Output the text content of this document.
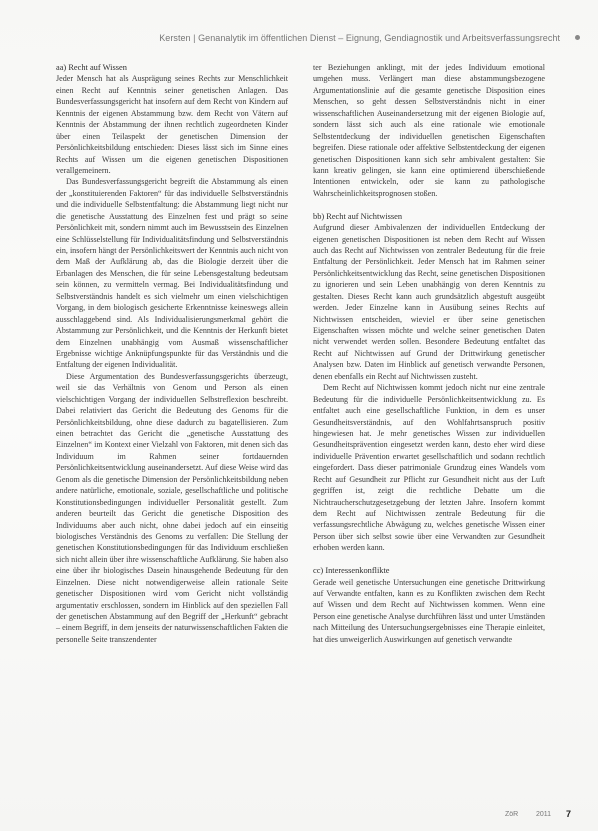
Kersten | Genanalytik im öffentlichen Dienst – Eignung, Gendiagnostik und Arbeitsverfassungsrecht
aa) Recht auf Wissen

Jeder Mensch hat als Ausprägung seines Rechts zur Menschlichkeit einen Recht auf Kenntnis seiner genetischen Anlagen. Das Bundesverfassungsgericht hat insofern auf dem Recht von Kindern auf Kenntnis der eigenen Abstammung bzw. dem Recht von Vätern auf Kenntnis der Abstammung der ihnen rechtlich zugeordneten Kinder über einen Teilaspekt der genetischen Dimension der Persönlichkeitsbildung entschieden: Dieses lässt sich im Sinne eines Rechts auf Wissen um die eigenen genetischen Dispositionen verallgemeinern.

Das Bundesverfassungsgericht begreift die Abstammung als einen der „konstituierenden Faktoren“ für das individuelle Selbstverständnis und die individuelle Selbstentfaltung: die Abstammung liegt nicht nur die genetische Ausstattung des Einzelnen fest und prägt so seine Persönlichkeit mit, sondern nimmt auch im Bewusstsein des Einzelnen eine Schlüsselstellung für Individualitätsfindung und Selbstverständnis ein, insofern hängt der Persönlichkeitswert der Kenntnis auch nicht von dem Maß der Aufklärung ab, das die Biologie derzeit über die Erbanlagen des Menschen, die für seine Lebensgestaltung bedeutsam sein können, zu vermitteln vermag. Bei Individualitätsfindung und Selbstverständnis handelt es sich vielmehr um einen vielschichtigen Vorgang, in dem biologisch gesicherte Erkenntnisse keineswegs allein ausschlaggebend sind. Als Individualisierungsmerkmal gehört die Abstammung zur Persönlichkeit, und die Kenntnis der Herkunft bietet dem Einzelnen unabhängig vom Ausmaß wissenschaftlicher Ergebnisse wichtige Anknüpfungspunkte für das Verständnis und die Entfaltung der eigenen Individualität.

Diese Argumentation des Bundesverfassungsgerichts überzeugt, weil sie das Verhältnis von Genom und Person als einen vielschichtigen Vorgang der individuellen Selbstreflexion beschreibt. Dabei relativiert das Gericht die Bedeutung des Genoms für die Persönlichkeitsbildung, ohne diese dadurch zu bagatellisieren. Zum einen betrachtet das Gericht die „genetische Ausstattung des Einzelnen“ im Kontext einer Vielzahl von Faktoren, mit denen sich das Individuum im Rahmen seiner fortdauernden Persönlichkeitsentwicklung auseinandersetzt. Auf diese Weise wird das Genom als die genetische Dimension der Persönlichkeitsbildung neben andere natürliche, emotionale, soziale, gesellschaftliche und politische Konstitutionsbedingungen individueller Personalität gestellt. Zum anderen beurteilt das Gericht die genetische Disposition des Individuums aber auch nicht, ohne dabei jedoch auf ein einseitig biologisches Verständnis des Genoms zu verfallen: Die Stellung der genetischen Konstitutionsbedingungen für das Individuum erschließen sich nicht allein über ihre wissenschaftliche Aufklärung. Sie haben also eine über ihr biologisches Dasein hinausgehende Bedeutung für den Einzelnen. Diese nicht notwendigerweise allein rationale Seite genetischer Dispositionen wird vom Gericht nicht vollständig argumentativ erschlossen, sondern im Hinblick auf den speziellen Fall der genetischen Abstammung auf den Begriff der „Herkunft“ gebracht – einem Begriff, in dem jenseits der naturwissenschaftlichen Fakten die personelle Seite transzendenter

ter Beziehungen anklingt, mit der jedes Individuum emotional umgehen muss. Verlängert man diese abstammungsbezogene Argumentationslinie auf die gesamte genetische Disposition eines Menschen, so geht dessen Selbstverständnis nicht in einer wissenschaftlichen Auseinandersetzung mit der eigenen Biologie auf, sondern lässt sich auch als eine rationale wie emotionale Selbstentdeckung der individuellen genetischen Eigenschaften begreifen. Diese rationale oder affektive Selbstentdeckung der eigenen genetischen Dispositionen kann sich sehr ambivalent gestalten: Sie kann kreativ gelingen, sie kann eine optimierend überschießende Intentionen entwickeln, oder sie kann zu pathologische Wahrscheinlichkeitsprognosen stoßen.

bb) Recht auf Nichtwissen

Aufgrund dieser Ambivalenzen der individuellen Entdeckung der eigenen genetischen Dispositionen ist neben dem Recht auf Wissen auch das Recht auf Nichtwissen von zentraler Bedeutung für die freie Entfaltung der Persönlichkeit. Jeder Mensch hat im Rahmen seiner Persönlichkeitsentwicklung das Recht, seine genetischen Dispositionen zu ignorieren und sein Leben unabhängig von deren Kenntnis zu gestalten. Dieses Recht kann auch grundsätzlich abgestuft ausgeübt werden. Jeder Einzelne kann in Ausübung seines Rechts auf Nichtwissen entscheiden, wieviel er über seine genetischen Eigenschaften wissen möchte und welche seiner genetischen Daten nicht verwendet werden sollen. Besondere Bedeutung entfaltet das Recht auf Nichtwissen auf Grund der Drittwirkung genetischer Analysen bzw. Daten im Hinblick auf genetisch verwandte Personen, denen ebenfalls ein Recht auf Nichtwissen zusteht.

Dem Recht auf Nichtwissen kommt jedoch nicht nur eine zentrale Bedeutung für die individuelle Persönlichkeitsentwicklung zu. Es entfaltet auch eine gesellschaftliche Funktion, in dem es unser Gesundheitsverständnis, auf den Wohlfahrtsanspruch positiv hingewiesen hat. Je mehr genetisches Wissen zur individuellen Gesundheitsprävention eingesetzt werden kann, desto eher wird diese individuelle Prävention erwartet gesellschaftlich und sodann rechtlich eingefordert. Dass dieser patrimoniale Grundzug eines Wandels vom Recht auf Gesundheit zur Pflicht zur Gesundheit nicht aus der Luft gegriffen ist, zeigt die rechtliche Debatte um die Nichtraucherschutzgesetzgebung der letzten Jahre. Insofern kommt dem Recht auf Nichtwissen zentrale Bedeutung für die verfassungsrechtliche Abwägung zu, welches genetische Wissen einer Person über sich selbst sowie über eine Verwandten zur Gesundheit erhoben werden kann.

cc) Interessenkonflikte

Gerade weil genetische Untersuchungen eine genetische Drittwirkung auf Verwandte entfalten, kann es zu Konflikten zwischen dem Recht auf Wissen und dem Recht auf Nichtwissen kommen. Wenn eine Person eine genetische Analyse durchführen lässt und unter Umständen nach Mitteilung des Untersuchungsergebnisses eine Therapie einleitet, hat dies unweigerlich Auswirkungen auf genetisch verwandte

ZöR	2011 7
